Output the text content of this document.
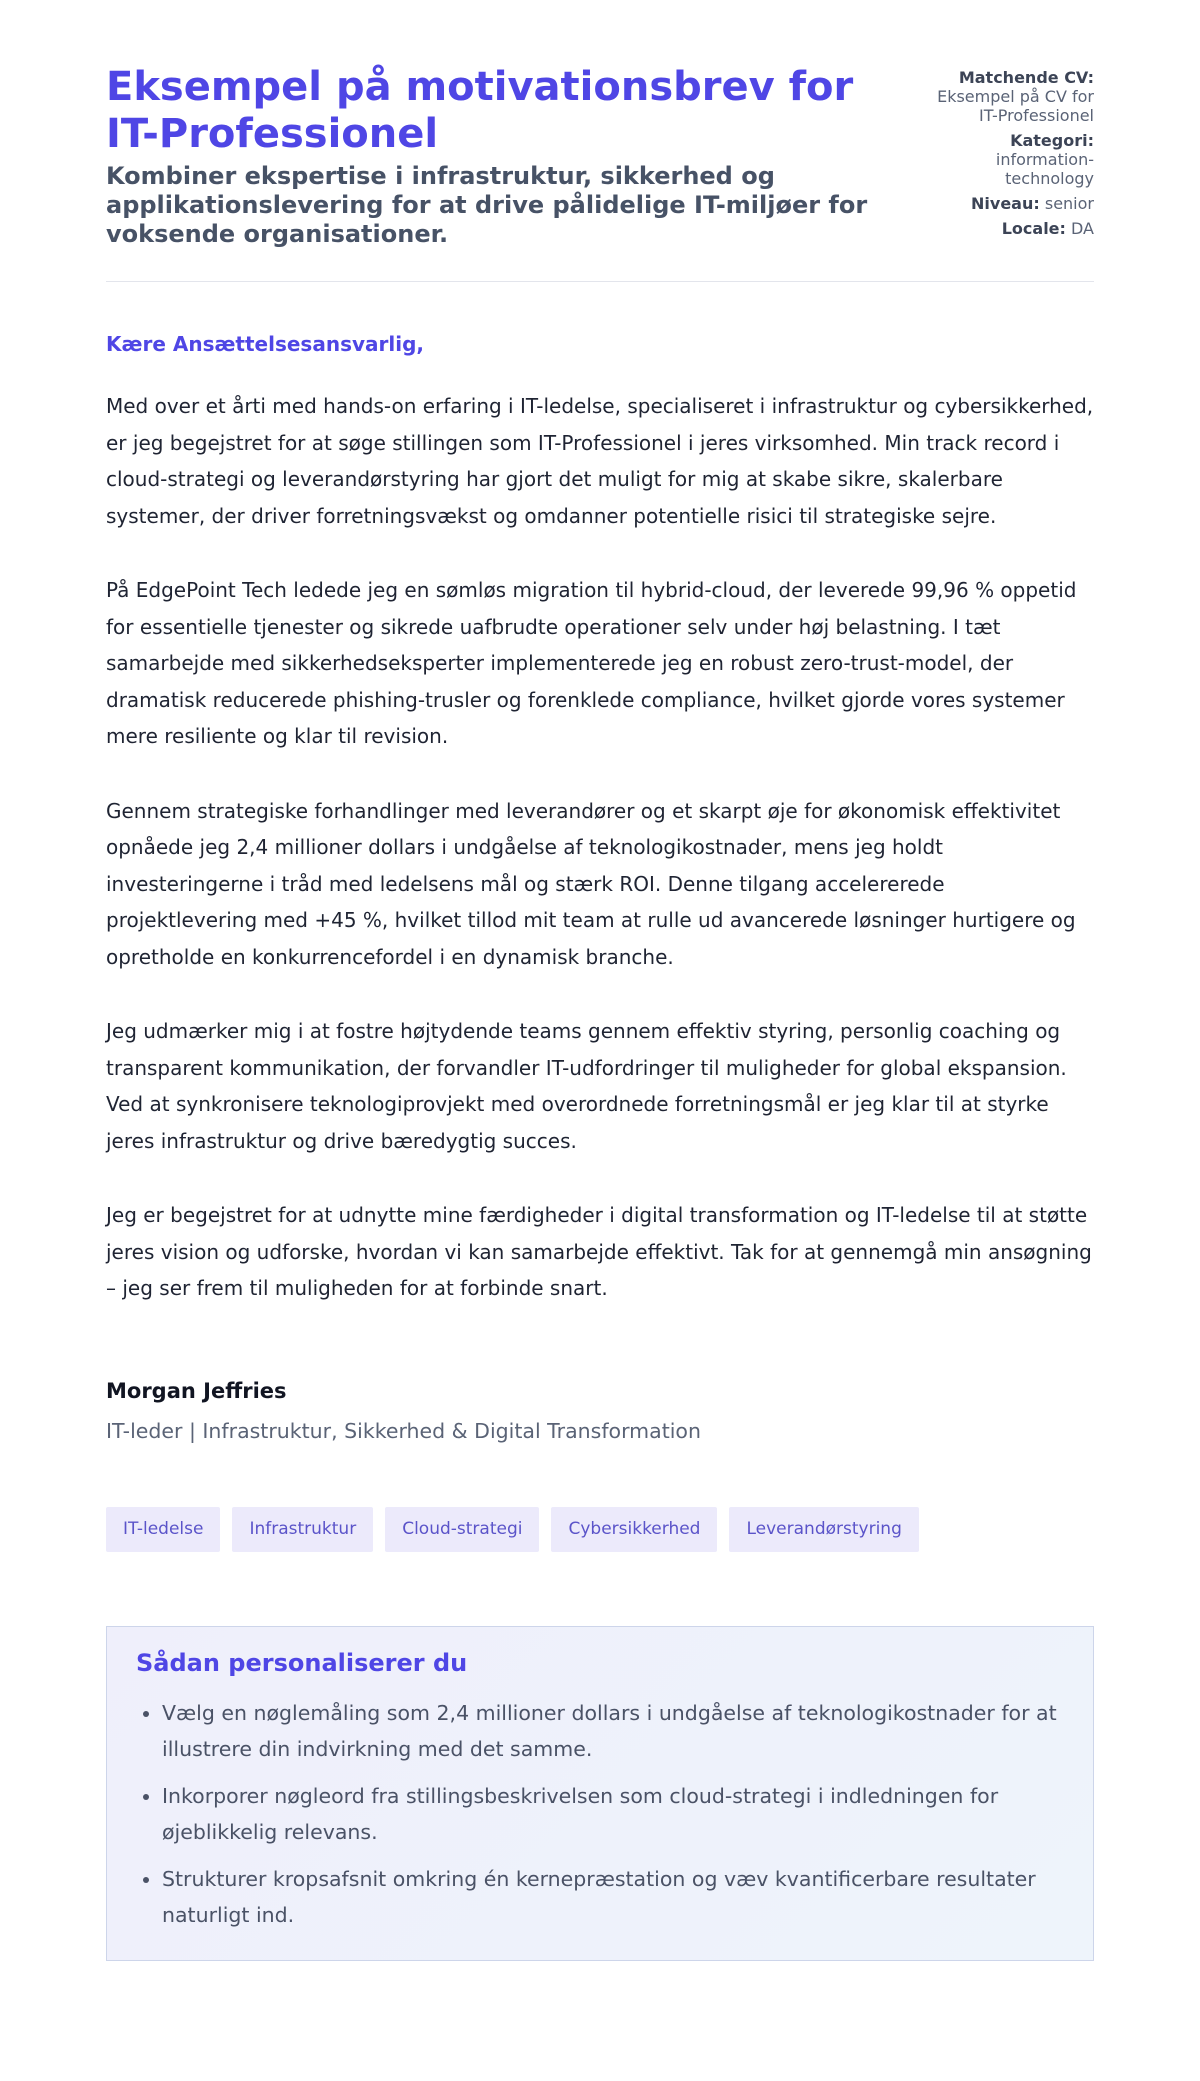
Eksempel på motivationsbrev for IT-Professionel

Kombiner ekspertise i infrastruktur, sikkerhed og applikationslevering for at drive pålidelige IT-miljøer for voksende organisationer.

Matchende CV:
Eksempel på CV for IT-Professionel
Kategori:
information-technology
Niveau: senior
Locale: DA

Kære Ansættelsesansvarlig,

Med over et årti med hands-on erfaring i IT-ledelse, specialiseret i infrastruktur og cybersikkerhed, er jeg begejstret for at søge stillingen som IT-Professionel i jeres virksomhed. Min track record i cloud-strategi og leverandørstyring har gjort det muligt for mig at skabe sikre, skalerbare systemer, der driver forretningsvækst og omdanner potentielle risici til strategiske sejre.

På EdgePoint Tech ledede jeg en sømløs migration til hybrid-cloud, der leverede 99,96 % oppetid for essentielle tjenester og sikrede uafbrudte operationer selv under høj belastning. I tæt samarbejde med sikkerhedseksperter implementerede jeg en robust zero-trust-model, der dramatisk reducerede phishing-trusler og forenklede compliance, hvilket gjorde vores systemer mere resiliente og klar til revision.

Gennem strategiske forhandlinger med leverandører og et skarpt øje for økonomisk effektivitet opnåede jeg 2,4 millioner dollars i undgåelse af teknologikostnader, mens jeg holdt investeringerne i tråd med ledelsens mål og stærk ROI. Denne tilgang accelererede projektlevering med +45 %, hvilket tillod mit team at rulle ud avancerede løsninger hurtigere og opretholde en konkurrencefordel i en dynamisk branche.

Jeg udmærker mig i at fostre højtydende teams gennem effektiv styring, personlig coaching og transparent kommunikation, der forvandler IT-udfordringer til muligheder for global ekspansion. Ved at synkronisere teknologiprovjekt med overordnede forretningsmål er jeg klar til at styrke jeres infrastruktur og drive bæredygtig succes.

Jeg er begejstret for at udnytte mine færdigheder i digital transformation og IT-ledelse til at støtte jeres vision og udforske, hvordan vi kan samarbejde effektivt. Tak for at gennemgå min ansøgning – jeg ser frem til muligheden for at forbinde snart.

Morgan Jeffries
IT-leder | Infrastruktur, Sikkerhed & Digital Transformation
IT-ledelse	Infrastruktur	Cloud-strategi	Cybersikkerhed	Leverandørstyring
Sådan personaliserer du
• Vælg en nøglemåling som 2,4 millioner dollars i undgåelse af teknologikostnader for at illustrere din indvirkning med det samme.
• Inkorporer nøgleord fra stillingsbeskrivelsen som cloud-strategi i indledningen for øjeblikkelig relevans.
• Strukturer kropsafsnit omkring én kernepræstation og væv kvantificerbare resultater naturligt ind.
